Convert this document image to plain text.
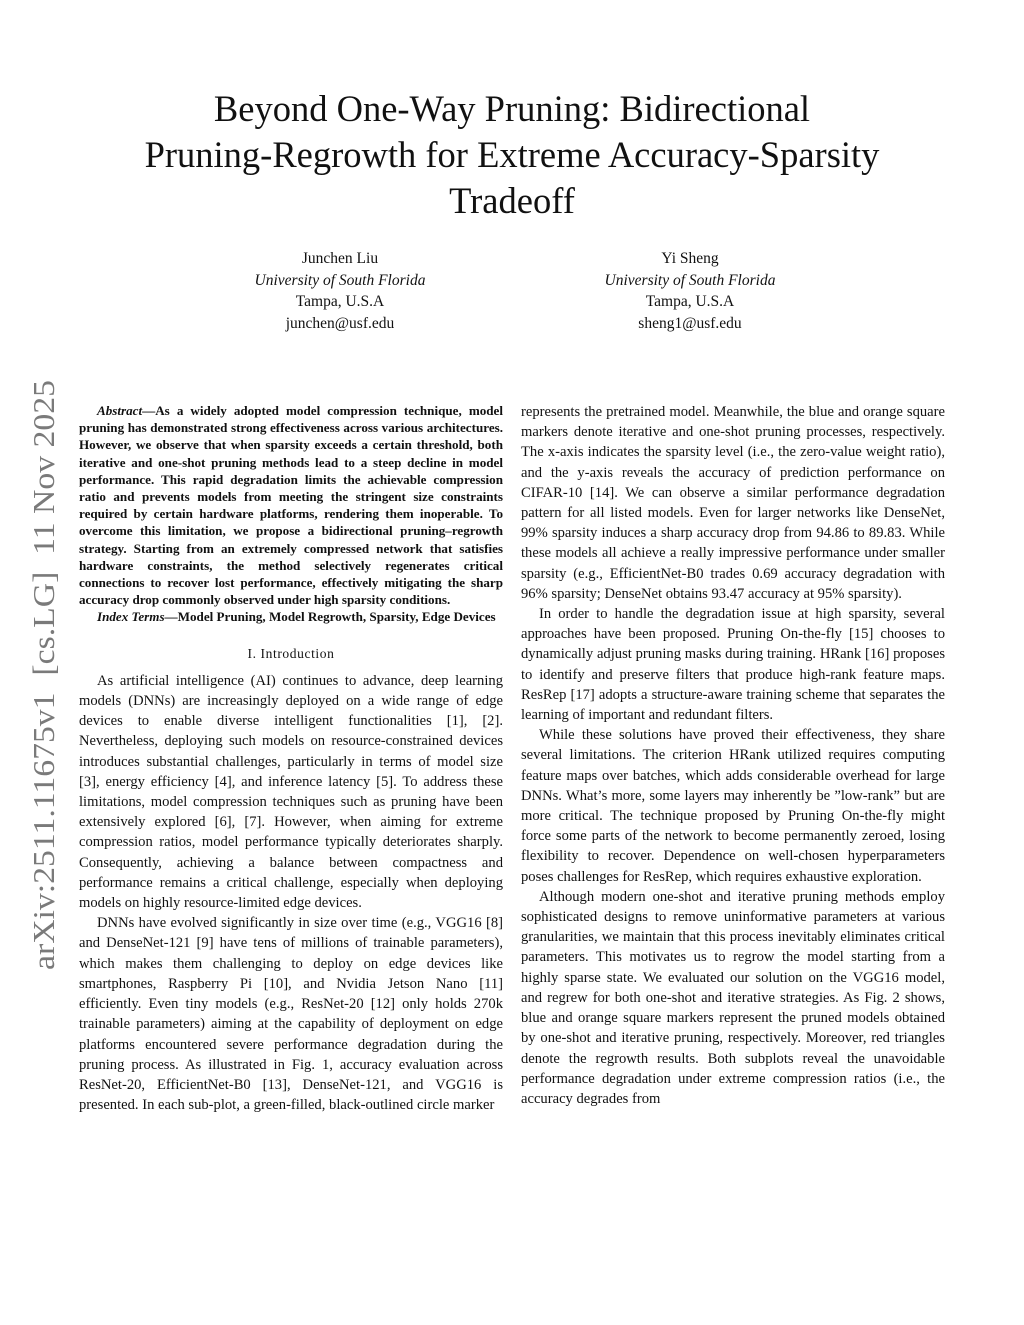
arXiv:2511.11675v1  [cs.LG]  11 Nov 2025
Beyond One-Way Pruning: Bidirectional
Pruning-Regrowth for Extreme Accuracy-Sparsity
Tradeoff
Junchen Liu
University of South Florida
Tampa, U.S.A
junchen@usf.edu
Yi Sheng
University of South Florida
Tampa, U.S.A
sheng1@usf.edu

Abstract—As a widely adopted model compression technique, model pruning has demonstrated strong effectiveness across various architectures. However, we observe that when sparsity exceeds a certain threshold, both iterative and one-shot pruning methods lead to a steep decline in model performance. This rapid degradation limits the achievable compression ratio and prevents models from meeting the stringent size constraints required by certain hardware platforms, rendering them inoperable. To overcome this limitation, we propose a bidirectional pruning–regrowth strategy. Starting from an extremely compressed network that satisfies hardware constraints, the method selectively regenerates critical connections to recover lost performance, effectively mitigating the sharp accuracy drop commonly observed under high sparsity conditions.

Index Terms—Model Pruning, Model Regrowth, Sparsity, Edge Devices

I. Introduction

As artificial intelligence (AI) continues to advance, deep learning models (DNNs) are increasingly deployed on a wide range of edge devices to enable diverse intelligent functionalities [1], [2]. Nevertheless, deploying such models on resource-constrained devices introduces substantial challenges, particularly in terms of model size [3], energy efficiency [4], and inference latency [5]. To address these limitations, model compression techniques such as pruning have been extensively explored [6], [7]. However, when aiming for extreme compression ratios, model performance typically deteriorates sharply. Consequently, achieving a balance between compactness and performance remains a critical challenge, especially when deploying models on highly resource-limited edge devices.

DNNs have evolved significantly in size over time (e.g., VGG16 [8] and DenseNet-121 [9] have tens of millions of trainable parameters), which makes them challenging to deploy on edge devices like smartphones, Raspberry Pi [10], and Nvidia Jetson Nano [11] efficiently. Even tiny models (e.g., ResNet-20 [12] only holds 270k trainable parameters) aiming at the capability of deployment on edge platforms encountered severe performance degradation during the pruning process. As illustrated in Fig. 1, accuracy evaluation across ResNet-20, EfficientNet-B0 [13], DenseNet-121, and VGG16 is presented. In each sub-plot, a green-filled, black-outlined circle marker

represents the pretrained model. Meanwhile, the blue and orange square markers denote iterative and one-shot pruning processes, respectively. The x-axis indicates the sparsity level (i.e., the zero-value weight ratio), and the y-axis reveals the accuracy of prediction performance on CIFAR-10 [14]. We can observe a similar performance degradation pattern for all listed models. Even for larger networks like DenseNet, 99% sparsity induces a sharp accuracy drop from 94.86 to 89.83. While these models all achieve a really impressive performance under smaller sparsity (e.g., EfficientNet-B0 trades 0.69 accuracy degradation with 96% sparsity; DenseNet obtains 93.47 accuracy at 95% sparsity).

In order to handle the degradation issue at high sparsity, several approaches have been proposed. Pruning On-the-fly [15] chooses to dynamically adjust pruning masks during training. HRank [16] proposes to identify and preserve filters that produce high-rank feature maps. ResRep [17] adopts a structure-aware training scheme that separates the learning of important and redundant filters.

While these solutions have proved their effectiveness, they share several limitations. The criterion HRank utilized requires computing feature maps over batches, which adds considerable overhead for large DNNs. What’s more, some layers may inherently be ”low-rank” but are more critical. The technique proposed by Pruning On-the-fly might force some parts of the network to become permanently zeroed, losing flexibility to recover. Dependence on well-chosen hyperparameters poses challenges for ResRep, which requires exhaustive exploration.

Although modern one-shot and iterative pruning methods employ sophisticated designs to remove uninformative parameters at various granularities, we maintain that this process inevitably eliminates critical parameters. This motivates us to regrow the model starting from a highly sparse state. We evaluated our solution on the VGG16 model, and regrew for both one-shot and iterative strategies. As Fig. 2 shows, blue and orange square markers represent the pruned models obtained by one-shot and iterative pruning, respectively. Moreover, red triangles denote the regrowth results. Both subplots reveal the unavoidable performance degradation under extreme compression ratios (i.e., the accuracy degrades from
